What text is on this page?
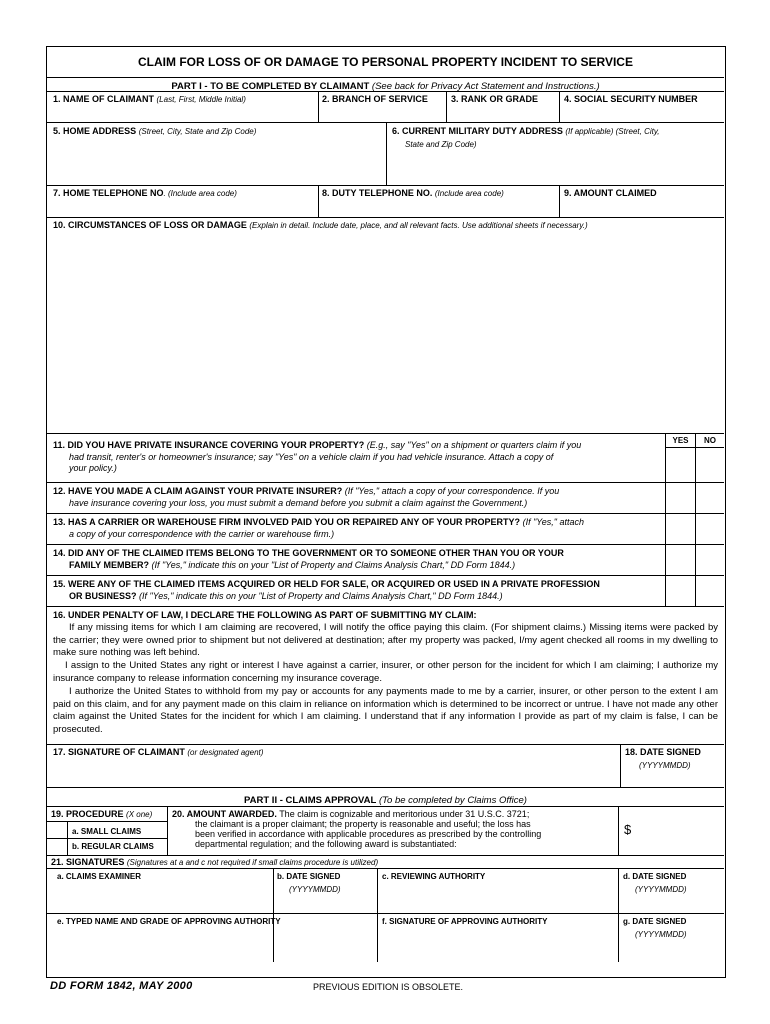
CLAIM FOR LOSS OF OR DAMAGE TO PERSONAL PROPERTY INCIDENT TO SERVICE
PART I - TO BE COMPLETED BY CLAIMANT (See back for Privacy Act Statement and Instructions.)
1. NAME OF CLAIMANT (Last, First, Middle Initial)	2. BRANCH OF SERVICE	3. RANK OR GRADE	4. SOCIAL SECURITY NUMBER
5. HOME ADDRESS (Street, City, State and Zip Code)	6. CURRENT MILITARY DUTY ADDRESS (If applicable) (Street, City,
State and Zip Code)
7. HOME TELEPHONE NO. (Include area code)	8. DUTY TELEPHONE NO. (Include area code)	9. AMOUNT CLAIMED
10. CIRCUMSTANCES OF LOSS OR DAMAGE (Explain in detail. Include date, place, and all relevant facts. Use additional sheets if necessary.)
YES	NO
11. DID YOU HAVE PRIVATE INSURANCE COVERING YOUR PROPERTY? (E.g., say "Yes" on a shipment or quarters claim if you
had transit, renter's or homeowner's insurance; say "Yes" on a vehicle claim if you had vehicle insurance. Attach a copy of
your policy.)
12. HAVE YOU MADE A CLAIM AGAINST YOUR PRIVATE INSURER? (If "Yes," attach a copy of your correspondence. If you
have insurance covering your loss, you must submit a demand before you submit a claim against the Government.)
13. HAS A CARRIER OR WAREHOUSE FIRM INVOLVED PAID YOU OR REPAIRED ANY OF YOUR PROPERTY? (If "Yes," attach
a copy of your correspondence with the carrier or warehouse firm.)
14. DID ANY OF THE CLAIMED ITEMS BELONG TO THE GOVERNMENT OR TO SOMEONE OTHER THAN YOU OR YOUR
FAMILY MEMBER? (If "Yes," indicate this on your "List of Property and Claims Analysis Chart," DD Form 1844.)
15. WERE ANY OF THE CLAIMED ITEMS ACQUIRED OR HELD FOR SALE, OR ACQUIRED OR USED IN A PRIVATE PROFESSION
OR BUSINESS? (If "Yes," indicate this on your "List of Property and Claims Analysis Chart," DD Form 1844.)
16. UNDER PENALTY OF LAW, I DECLARE THE FOLLOWING AS PART OF SUBMITTING MY CLAIM:
If any missing items for which I am claiming are recovered, I will notify the office paying this claim. (For shipment claims.) Missing items were packed by the carrier; they were owned prior to shipment but not delivered at destination; after my property was packed, I/my agent checked all rooms in my dwelling to make sure nothing was left behind.
I assign to the United States any right or interest I have against a carrier, insurer, or other person for the incident for which I am claiming; I authorize my insurance company to release information concerning my insurance coverage.
I authorize the United States to withhold from my pay or accounts for any payments made to me by a carrier, insurer, or other person to the extent I am paid on this claim, and for any payment made on this claim in reliance on information which is determined to be incorrect or untrue. I have not made any other claim against the United States for the incident for which I am claiming. I understand that if any information I provide as part of my claim is false, I can be prosecuted.
17. SIGNATURE OF CLAIMANT (or designated agent)	18. DATE SIGNED
(YYYYMMDD)
PART II - CLAIMS APPROVAL (To be completed by Claims Office)
19. PROCEDURE (X one)
a. SMALL CLAIMS
b. REGULAR CLAIMS
20. AMOUNT AWARDED. The claim is cognizable and meritorious under 31 U.S.C. 3721;
the claimant is a proper claimant; the property is reasonable and useful; the loss has
been verified in accordance with applicable procedures as prescribed by the controlling
departmental regulation; and the following award is substantiated:
$
21. SIGNATURES (Signatures at a and c not required if small claims procedure is utilized)
a. CLAIMS EXAMINER	b. DATE SIGNED
(YYYYMMDD)
c. REVIEWING AUTHORITY	d. DATE SIGNED
(YYYYMMDD)
e. TYPED NAME AND GRADE OF APPROVING AUTHORITY	f. SIGNATURE OF APPROVING AUTHORITY	g. DATE SIGNED
(YYYYMMDD)
DD FORM 1842, MAY 2000	PREVIOUS EDITION IS OBSOLETE.
